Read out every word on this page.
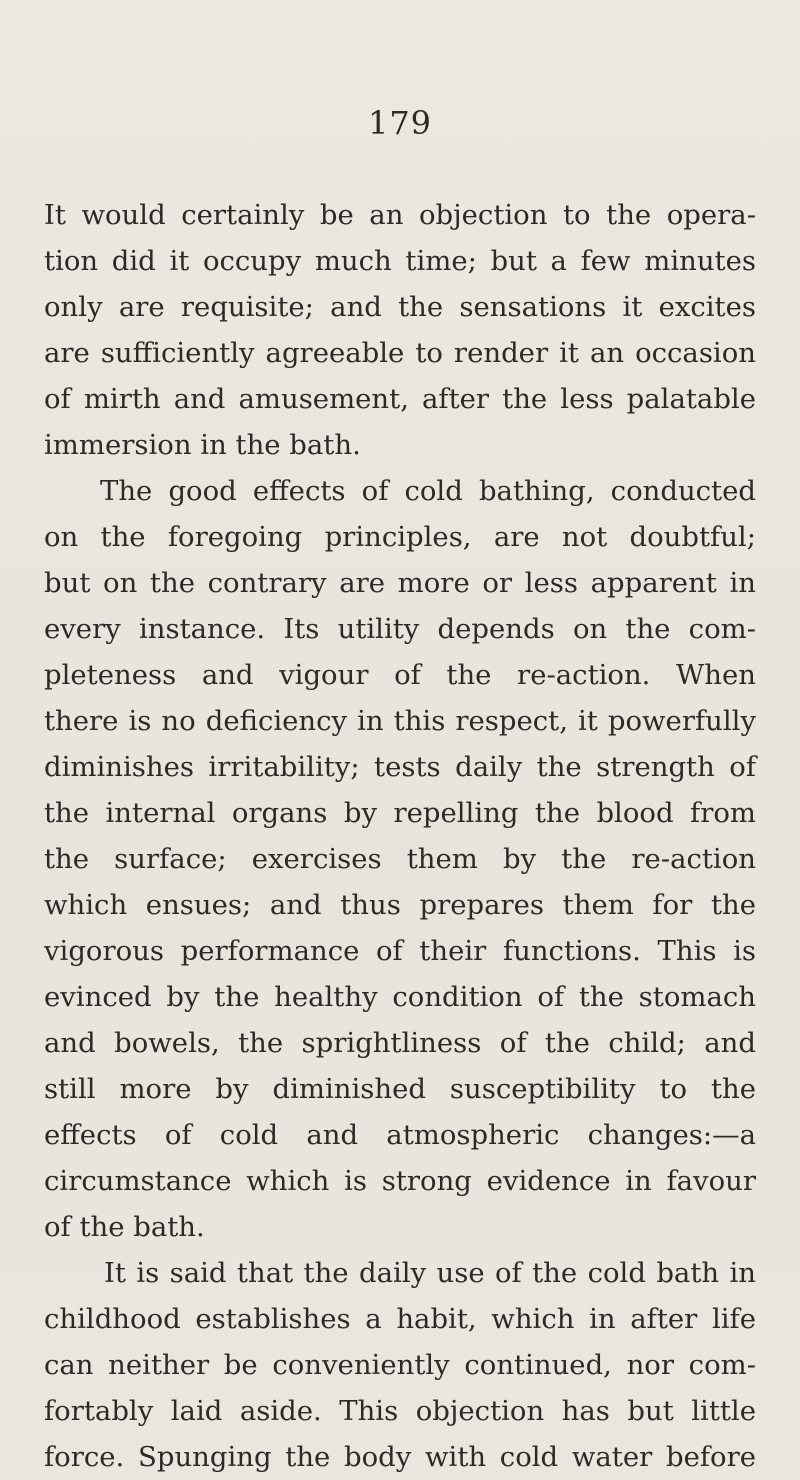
179
It would certainly be an objection to the opera-
tion did it occupy much time; but a few minutes
only are requisite; and the sensations it excites
are sufficiently agreeable to render it an occasion
of mirth and amusement, after the less palatable
immersion in the bath.
The good effects of cold bathing, conducted
on the foregoing principles, are not doubtful;
but on the contrary are more or less apparent in
every instance. Its utility depends on the com-
pleteness and vigour of the re-action. When
there is no deficiency in this respect, it powerfully
diminishes irritability; tests daily the strength of
the internal organs by repelling the blood from
the surface; exercises them by the re-action
which ensues; and thus prepares them for the
vigorous performance of their functions. This is
evinced by the healthy condition of the stomach
and bowels, the sprightliness of the child; and
still more by diminished susceptibility to the
effects of cold and atmospheric changes:—a
circumstance which is strong evidence in favour
of the bath.
It is said that the daily use of the cold bath in
childhood establishes a habit, which in after life
can neither be conveniently continued, nor com-
fortably laid aside. This objection has but little
force. Spunging the body with cold water before
